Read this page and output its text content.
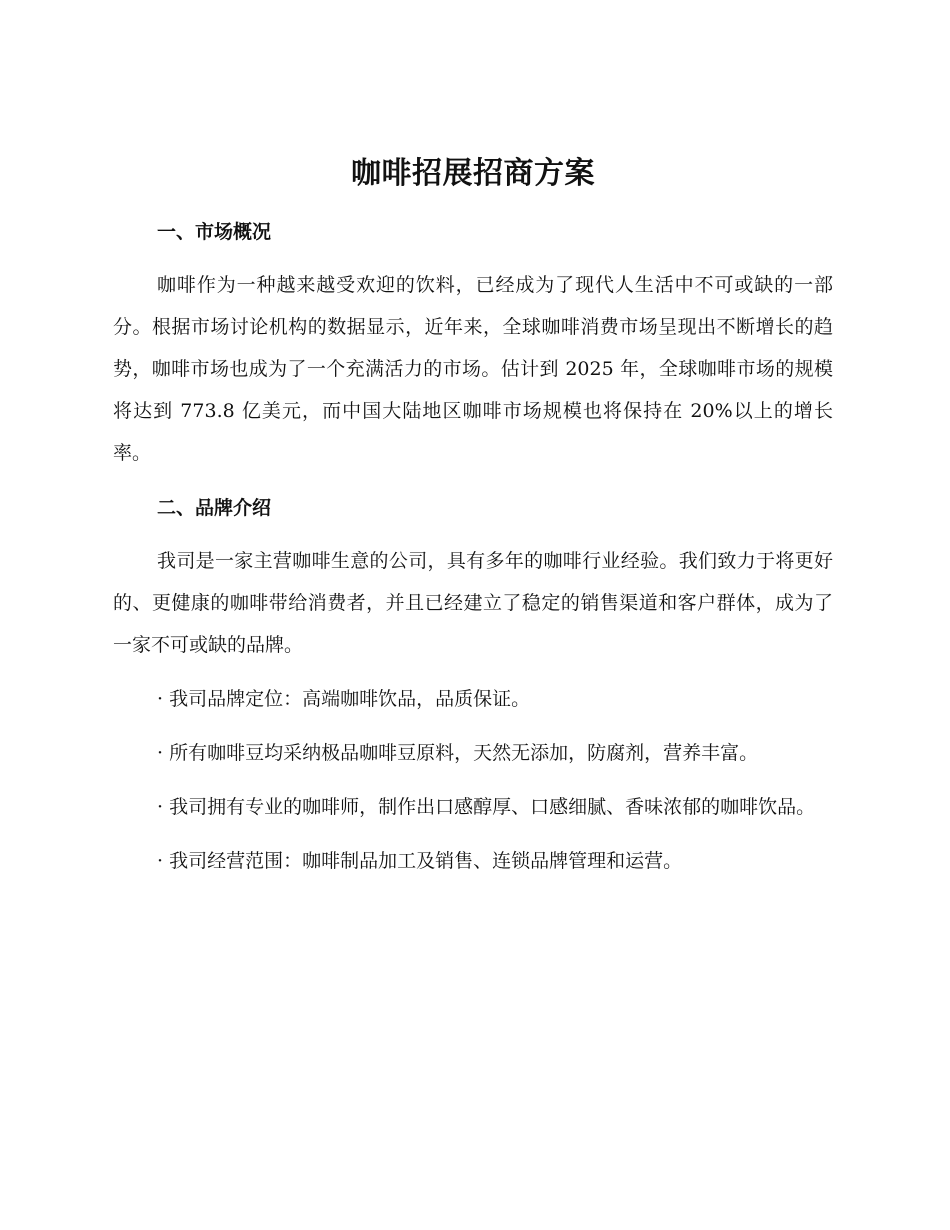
咖啡招展招商方案
一、市场概况

咖啡作为一种越来越受欢迎的饮料，已经成为了现代人生活中不可或缺的一部分。根据市场讨论机构的数据显示，近年来，全球咖啡消费市场呈现出不断增长的趋势，咖啡市场也成为了一个充满活力的市场。估计到 2025 年，全球咖啡市场的规模将达到 773.8 亿美元，而中国大陆地区咖啡市场规模也将保持在 20%以上的增长率。

二、品牌介绍

我司是一家主营咖啡生意的公司，具有多年的咖啡行业经验。我们致力于将更好的、更健康的咖啡带给消费者，并且已经建立了稳定的销售渠道和客户群体，成为了一家不可或缺的品牌。

· 我司品牌定位：高端咖啡饮品，品质保证。

· 所有咖啡豆均采纳极品咖啡豆原料，天然无添加，防腐剂，营养丰富。

· 我司拥有专业的咖啡师，制作出口感醇厚、口感细腻、香味浓郁的咖啡饮品。

· 我司经营范围：咖啡制品加工及销售、连锁品牌管理和运营。
